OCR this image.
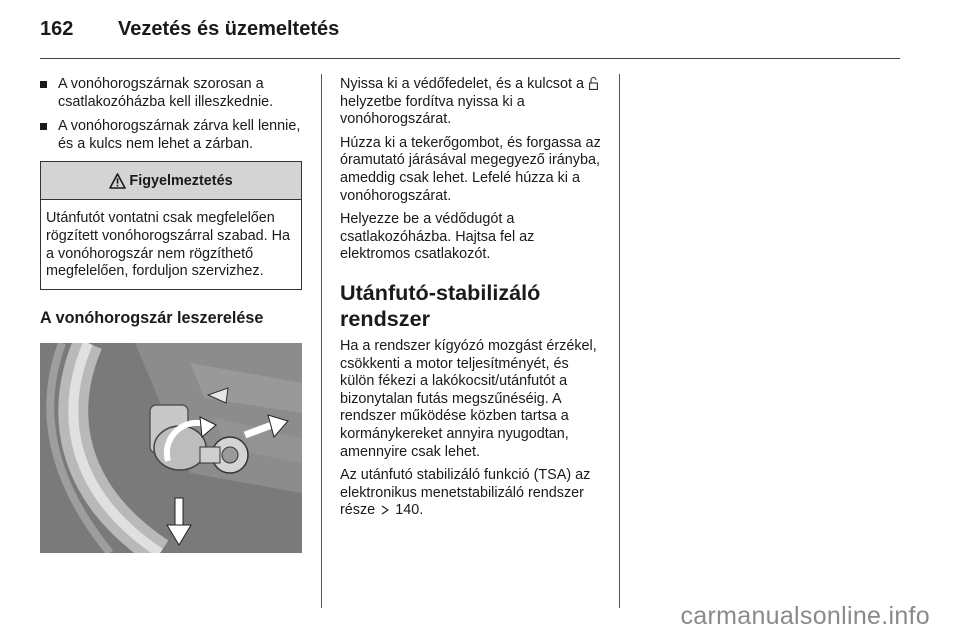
162	Vezetés és üzemeltetés
A vonóhorogszárnak szorosan a csatlakozóházba kell illeszkednie.
A vonóhorogszárnak zárva kell lennie, és a kulcs nem lehet a zárban.
Figyelmeztetés
Utánfutót vontatni csak megfelelően rögzített vonóhorogszárral szabad. Ha a vonóhorogszár nem rögzíthető megfelelően, forduljon szervizhez.
A vonóhorogszár leszerelése

Nyissa ki a védőfedelet, és a kulcsot a  helyzetbe fordítva nyissa ki a vonóhorogszárat.

Húzza ki a tekerőgombot, és forgassa az óramutató járásával megegyező irányba, ameddig csak lehet. Lefelé húzza ki a vonóhorogszárat.

Helyezze be a védődugót a csatlakozóházba. Hajtsa fel az elektromos csatlakozót.

Utánfutó-stabilizáló rendszer

Ha a rendszer kígyózó mozgást érzékel, csökkenti a motor teljesítményét, és külön fékezi a lakókocsit/utánfutót a bizonytalan futás megszűnéséig. A rendszer működése közben tartsa a kormánykereket annyira nyugodtan, amennyire csak lehet.

Az utánfutó stabilizáló funkció (TSA) az elektronikus menetstabilizáló rendszer része 140.

carmanualsonline.info
